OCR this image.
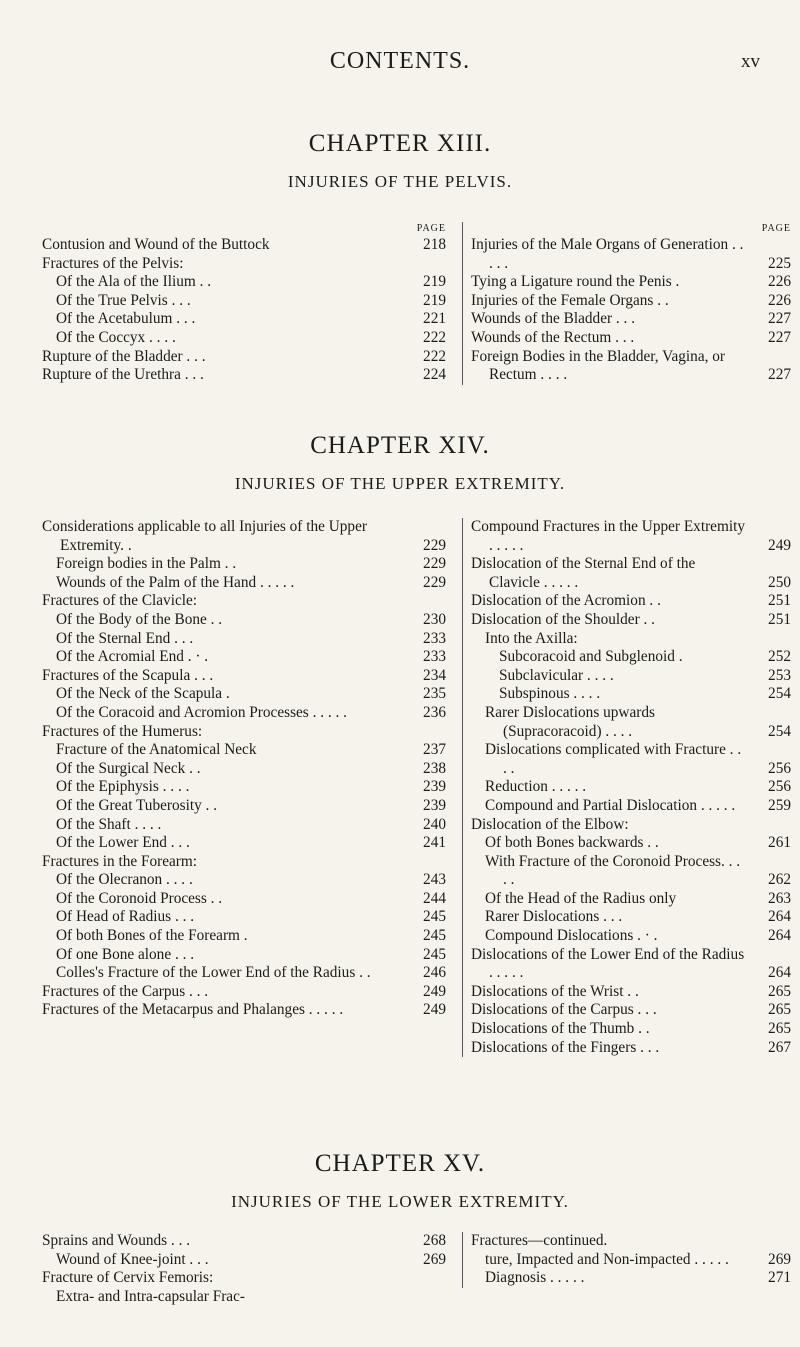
CONTENTS.	xv
CHAPTER XIII.
INJURIES OF THE PELVIS.
PAGE
Contusion and Wound of the Buttock	218
Fractures of the Pelvis:
Of the Ala of the Ilium . .	219
Of the True Pelvis . . .	219
Of the Acetabulum . . .	221
Of the Coccyx . . . .	222
Rupture of the Bladder . . .	222
Rupture of the Urethra . . .	224
PAGE
Injuries of the Male Organs of Generation . . . . .	225
Tying a Ligature round the Penis .	226
Injuries of the Female Organs . .	226
Wounds of the Bladder . . .	227
Wounds of the Rectum . . .	227
Foreign Bodies in the Bladder, Vagina, or Rectum . . . .	227
CHAPTER XIV.
INJURIES OF THE UPPER EXTREMITY.
Considerations applicable to all Injuries of the Upper Extremity. .	229
Foreign bodies in the Palm . .	229
Wounds of the Palm of the Hand . . . . .	229
Fractures of the Clavicle:
Of the Body of the Bone . .	230
Of the Sternal End . . .	233
Of the Acromial End . · .	233
Fractures of the Scapula . . .	234
Of the Neck of the Scapula .	235
Of the Coracoid and Acromion Processes . . . . .	236
Fractures of the Humerus:
Fracture of the Anatomical Neck	237
Of the Surgical Neck . .	238
Of the Epiphysis . . . .	239
Of the Great Tuberosity . .	239
Of the Shaft . . . .	240
Of the Lower End . . .	241
Fractures in the Forearm:
Of the Olecranon . . . .	243
Of the Coronoid Process . .	244
Of Head of Radius . . .	245
Of both Bones of the Forearm .	245
Of one Bone alone . . .	245
Colles's Fracture of the Lower End of the Radius . .	246
Fractures of the Carpus . . .	249
Fractures of the Metacarpus and Phalanges . . . . .	249
Compound Fractures in the Upper Extremity . . . . .	249
Dislocation of the Sternal End of the Clavicle . . . . .	250
Dislocation of the Acromion . .	251
Dislocation of the Shoulder . .	251
Into the Axilla:
Subcoracoid and Subglenoid .	252
Subclavicular . . . .	253
Subspinous . . . .	254
Rarer Dislocations upwards (Supracoracoid) . . . .	254
Dislocations complicated with Fracture . . . .	256
Reduction . . . . .	256
Compound and Partial Dislocation . . . . .	259
Dislocation of the Elbow:
Of both Bones backwards . .	261
With Fracture of the Coronoid Process. . . . .	262
Of the Head of the Radius only	263
Rarer Dislocations . . .	264
Compound Dislocations . · .	264
Dislocations of the Lower End of the Radius . . . . .	264
Dislocations of the Wrist . .	265
Dislocations of the Carpus . . .	265
Dislocations of the Thumb . .	265
Dislocations of the Fingers . . .	267
CHAPTER XV.
INJURIES OF THE LOWER EXTREMITY.
Sprains and Wounds . . .	268
Wound of Knee-joint . . .	269
Fracture of Cervix Femoris:
Extra- and Intra-capsular Frac-
Fractures—continued.
ture, Impacted and Non-impacted . . . . .	269
Diagnosis . . . . .	271
